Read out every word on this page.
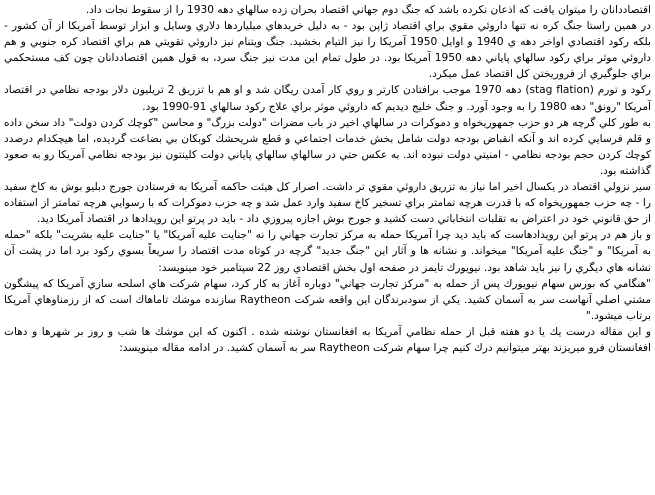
اقتصاددانان را ميتوان يافت كه اذعان نكرده باشد كه جنگ دوم جهاني اقتصاد بحران زده سالهاي دهه 1930 را از سقوط نجات داد.

در همين راستا جنگ كره نه تنها داروئي مقوي براي اقتصاد ژاپن بود - به دليل خريدهاي ميلياردها دلاري وسايل و ابزار توسط آمريكا از آن كشور - بلكه ركود اقتصادي اواخر دهه ي 1940 و اوايل 1950 آمريكا را نيز التيام بخشيد. جنگ ويتنام نيز داروئي تقويتي هم براي اقتصاد كره جنوبي و هم داروئي موثر براي ركود سالهاي پاياني دهه 1950 آمريكا بود. در طول تمام اين مدت نيز جنگ سرد، به قول همين اقتصاددانان چون كف مستحكمي براي جلوگيري از فروريختن كل اقتصاد عمل ميكرد.

ركود و تورم (stag flation) دهه 1970 موجب برافتادن كارتر و روي كار آمدن ريگان شد و او هم با تزريق 2 تريليون دلار بودجه نظامي در اقتصاد آمريكا "رونق" دهه 1980 را به وجود آورد. و جنگ خليج ديديم كه داروئي موثر براي علاج ركود سالهاي 91-1990 بود.

به طور كلي گرچه هر دو حزب جمهوريخواه و دموكرات در سالهاي اخير در باب مضرات "دولت بزرگ" و محاسن "كوچك كردن دولت" داد سخن داده و قلم فرسايي كرده اند و آنكه انقباض بودجه دولت شامل بخش خدمات اجتماعي و قطع شريحشك كوبكان بي بضاعت گرديده، اما هيچكدام درصدد كوچك كردن حجم بودجه نظامي - امنيتي دولت نبوده اند. به عكس حتي در سالهاي سالهاي پاياني دولت كلينتون نيز بودجه نظامي آمريكا رو به صعود گذاشته بود.

سير نزولي اقتصاد در يكسال اخير اما نياز به تزريق داروئي مقوي تر داشت. اصرار كل هيئت حاكمه آمريكا به فرستادن جورج دبليو بوش به كاخ سفيد را - چه حزب جمهوريخواه كه با قدرت هرچه تمامتر براي تسخير كاخ سفيد وارد عمل شد و چه حزب دموكرات كه با رسوايي هرچه تمامتر از استفاده از حق قانوني خود در اعتراض به تقلبات انتخاباتي دست كشيد و جورج بوش اجازه پيروزي داد - بايد در پرتو اين رويدادها در اقتصاد آمريكا ديد.

و باز هم در پرتو اين رويدادهاست كه بايد ديد چرا آمريكا حمله به مركز تجارت جهاني را نه "جنايت عليه آمريكا" يا "جنايت عليه بشريت" بلكه "حمله به آمريكا" و "جنگ عليه آمريكا" ميخواند. و نشانه ها و آثار اين "جنگ جديد" گرچه در كوتاه مدت اقتصاد را سريعاً بسوي ركود برد اما در پشت آن نشانه هاي ديگري را نيز بايد شاهد بود. نيويورك تايمز در صفحه اول بخش اقتصادي روز 22 سپتامبر خود مينويسد:

"هنگامي كه بورس سهام نيويورك پس از حمله به "مركز تجارت جهاني" دوباره آغاز به كار كرد، سهام شركت هاي اسلحه سازي آمريكا كه پيشگون مشتي اصلي آنهاست سر به آسمان كشيد. يكي از سودبرندگان اين واقعه شركت Raytheon سازنده موشك تاماهاك است كه از رزمناوهاي آمريكا برتاب ميشود."

و اين مقاله درست يك يا دو هفته قبل از حمله نظامي آمريكا به افغانستان نوشته شده . اكنون كه اين موشك ها شب و روز بر شهرها و دهات افغانستان فرو ميريزند بهتر ميتوانيم درك كنيم چرا سهام شركت Raytheon سر به آسمان كشيد. در ادامه مقاله مينويسد:
